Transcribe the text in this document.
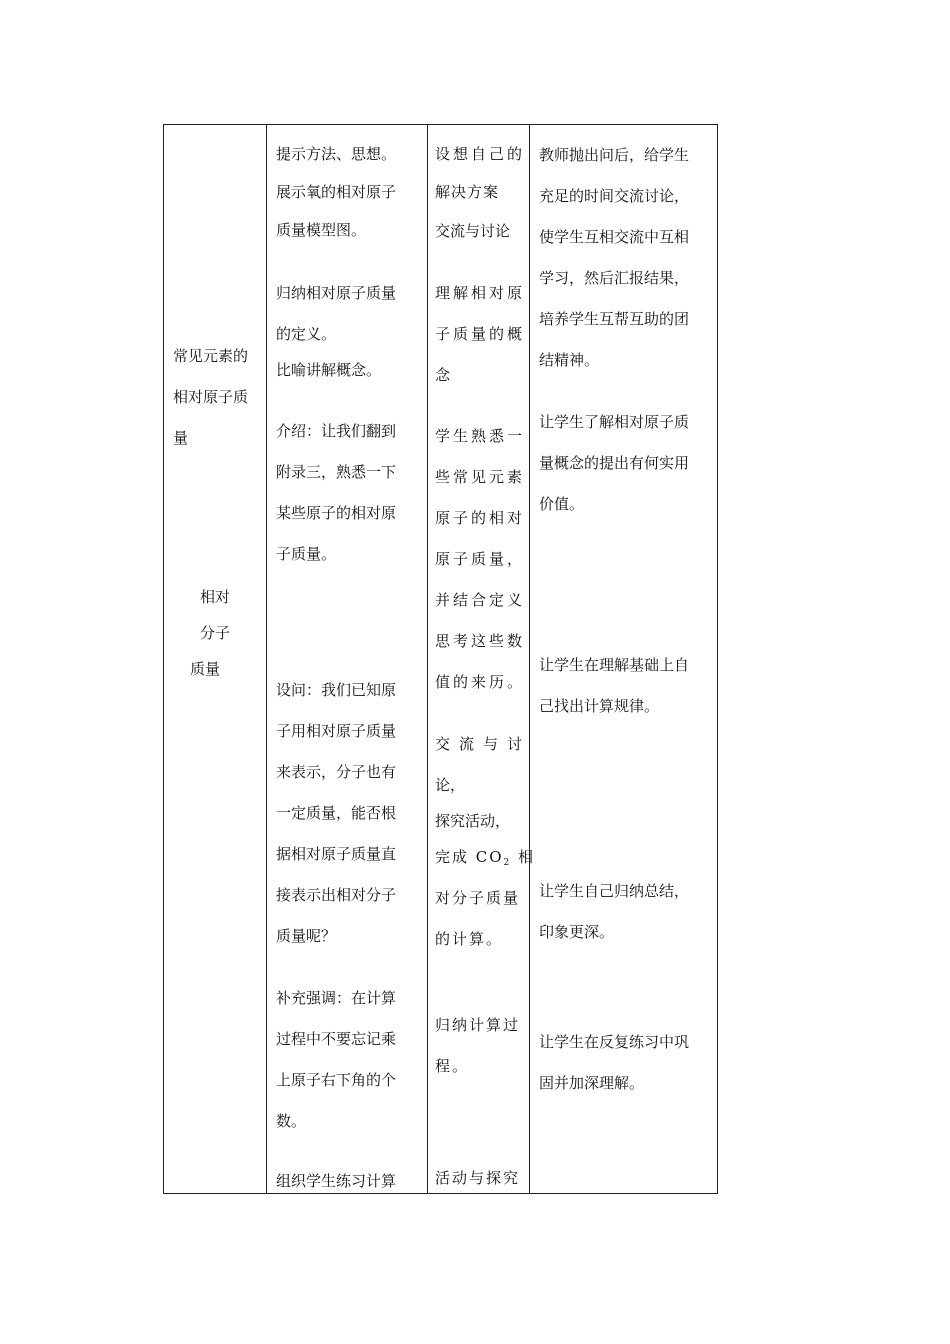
常见元素的
相对原子质
量
相对
分子
质量
提示方法、思想。
展示氧的相对原子
质量模型图。
归纳相对原子质量
的定义。
比喻讲解概念。
介绍：让我们翻到
附录三，熟悉一下
某些原子的相对原
子质量。
设问：我们已知原
子用相对原子质量
来表示，分子也有
一定质量，能否根
据相对原子质量直
接表示出相对分子
质量呢？
补充强调：在计算
过程中不要忘记乘
上原子右下角的个
数。
组织学生练习计算
设想自己的
解决方案
交流与讨论
理解相对原
子质量的概
念
学生熟悉一
些常见元素
原子的相对
原子质量，
并结合定义
思考这些数
值的来历。
交流与讨
论，
探究活动，
完成 $CO_2$ 相
对分子质量
的计算。
归纳计算过
程。
活动与探究
教师抛出问后，给学生
充足的时间交流讨论，
使学生互相交流中互相
学习，然后汇报结果，
培养学生互帮互助的团
结精神。
让学生了解相对原子质
量概念的提出有何实用
价值。
让学生在理解基础上自
己找出计算规律。
让学生自己归纳总结，
印象更深。
让学生在反复练习中巩
固并加深理解。
